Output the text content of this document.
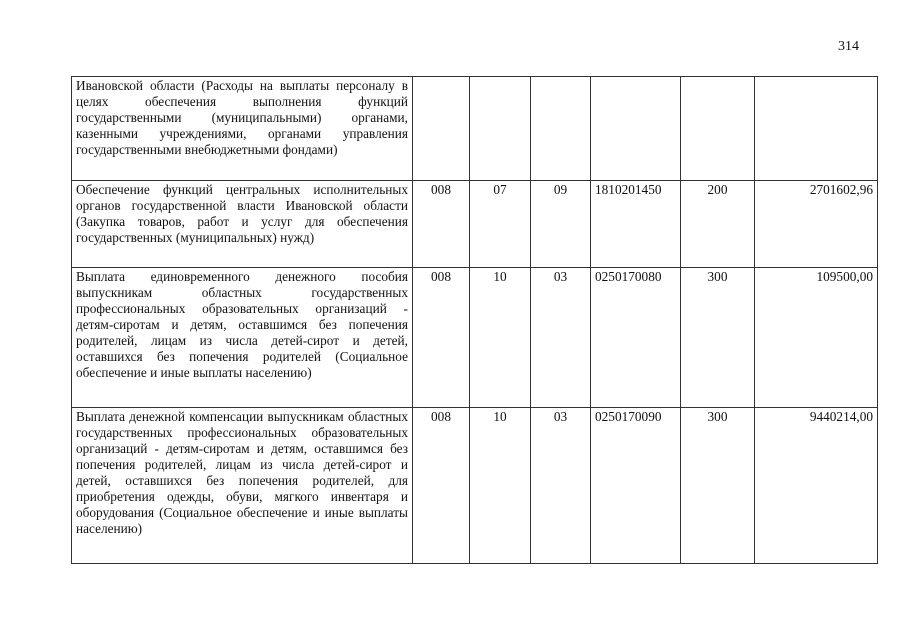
314
Ивановской области (Расходы на выплаты персоналу в целях обеспечения выполнения функций государственными (муниципальными) органами, казенными учреждениями, органами управления государственными внебюджетными фондами)						
Обеспечение функций центральных исполнительных органов государственной власти Ивановской области (Закупка товаров, работ и услуг для обеспечения государственных (муниципальных) нужд)	008	07	09	1810201450	200	2701602,96
Выплата единовременного денежного пособия выпускникам областных государственных профессиональных образовательных организаций - детям-сиротам и детям, оставшимся без попечения родителей, лицам из числа детей-сирот и детей, оставшихся без попечения родителей (Социальное обеспечение и иные выплаты населению)	008	10	03	0250170080	300	109500,00
Выплата денежной компенсации выпускникам областных государственных профессиональных образовательных организаций - детям-сиротам и детям, оставшимся без попечения родителей, лицам из числа детей-сирот и детей, оставшихся без попечения родителей, для приобретения одежды, обуви, мягкого инвентаря и оборудования (Социальное обеспечение и иные выплаты населению)	008	10	03	0250170090	300	9440214,00
